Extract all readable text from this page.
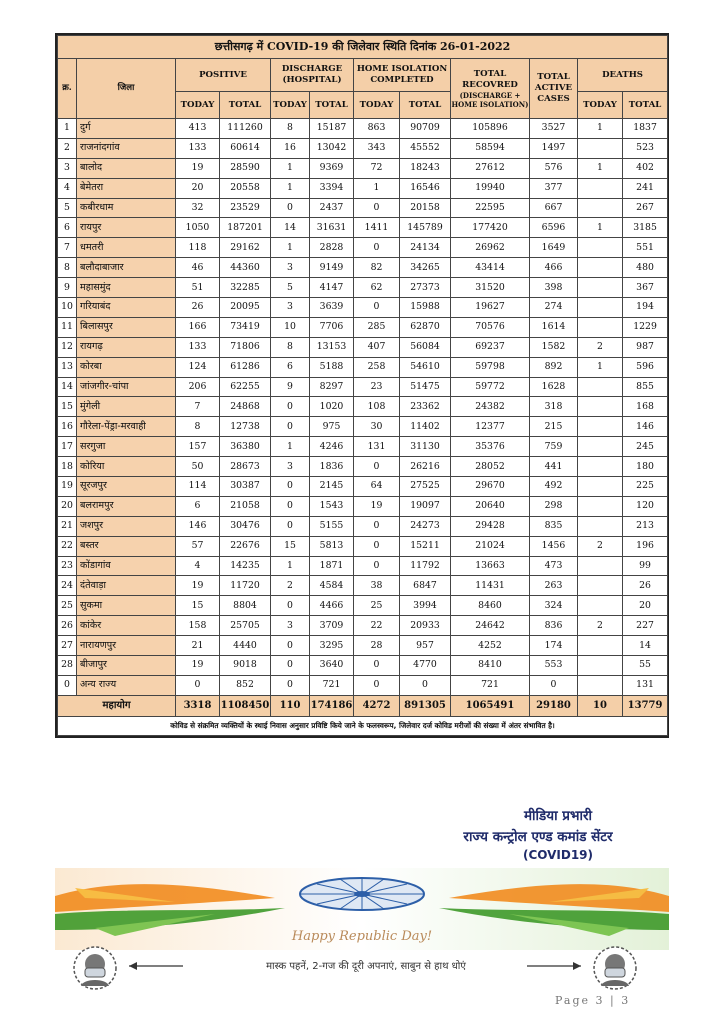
छत्तीसगढ़ में COVID-19 की जिलेवार स्थिति दिनांक 26-01-2022											
क्र.	जिला	POSITIVE		DISCHARGE (HOSPITAL)		HOME ISOLATION COMPLETED		TOTAL RECOVRED
(DISCHARGE + HOME ISOLATION)	TOTAL ACTIVE CASES	DEATHS	
		TODAY	TOTAL	TODAY	TOTAL	TODAY	TOTAL			TODAY	TOTAL
1	दुर्ग	413	111260	8	15187	863	90709	105896	3527	1	1837
2	राजनांदगांव	133	60614	16	13042	343	45552	58594	1497		523
3	बालोद	19	28590	1	9369	72	18243	27612	576	1	402
4	बेमेतरा	20	20558	1	3394	1	16546	19940	377		241
5	कबीरधाम	32	23529	0	2437	0	20158	22595	667		267
6	रायपुर	1050	187201	14	31631	1411	145789	177420	6596	1	3185
7	धमतरी	118	29162	1	2828	0	24134	26962	1649		551
8	बलौदाबाजार	46	44360	3	9149	82	34265	43414	466		480
9	महासमुंद	51	32285	5	4147	62	27373	31520	398		367
10	गरियाबंद	26	20095	3	3639	0	15988	19627	274		194
11	बिलासपुर	166	73419	10	7706	285	62870	70576	1614		1229
12	रायगढ़	133	71806	8	13153	407	56084	69237	1582	2	987
13	कोरबा	124	61286	6	5188	258	54610	59798	892	1	596
14	जांजगीर-चांपा	206	62255	9	8297	23	51475	59772	1628		855
15	मुंगेली	7	24868	0	1020	108	23362	24382	318		168
16	गौरेला-पेंड्रा-मरवाही	8	12738	0	975	30	11402	12377	215		146
17	सरगुजा	157	36380	1	4246	131	31130	35376	759		245
18	कोरिया	50	28673	3	1836	0	26216	28052	441		180
19	सूरजपुर	114	30387	0	2145	64	27525	29670	492		225
20	बलरामपुर	6	21058	0	1543	19	19097	20640	298		120
21	जशपुर	146	30476	0	5155	0	24273	29428	835		213
22	बस्तर	57	22676	15	5813	0	15211	21024	1456	2	196
23	कोंडागांव	4	14235	1	1871	0	11792	13663	473		99
24	दंतेवाड़ा	19	11720	2	4584	38	6847	11431	263		26
25	सुकमा	15	8804	0	4466	25	3994	8460	324		20
26	कांकेर	158	25705	3	3709	22	20933	24642	836	2	227
27	नारायणपुर	21	4440	0	3295	28	957	4252	174		14
28	बीजापुर	19	9018	0	3640	0	4770	8410	553		55
0	अन्य राज्य	0	852	0	721	0	0	721	0		131
महायोग		3318	1108450	110	174186	4272	891305	1065491	29180	10	13779
कोविड से संक्रमित व्यक्तियों के स्थाई निवास अनुसार प्रविष्टि किये जाने के फलस्वरूप, जिलेवार दर्ज कोविड मरीजों की संख्या में अंतर संभावित है।											
मीडिया प्रभारी
राज्य कन्ट्रोल एण्ड कमांड सेंटर
(COVID19)
Happy Republic Day!
मास्क पहनें, 2-गज की दूरी अपनाएं, साबुन से हाथ धोएं
Page 3 | 3
